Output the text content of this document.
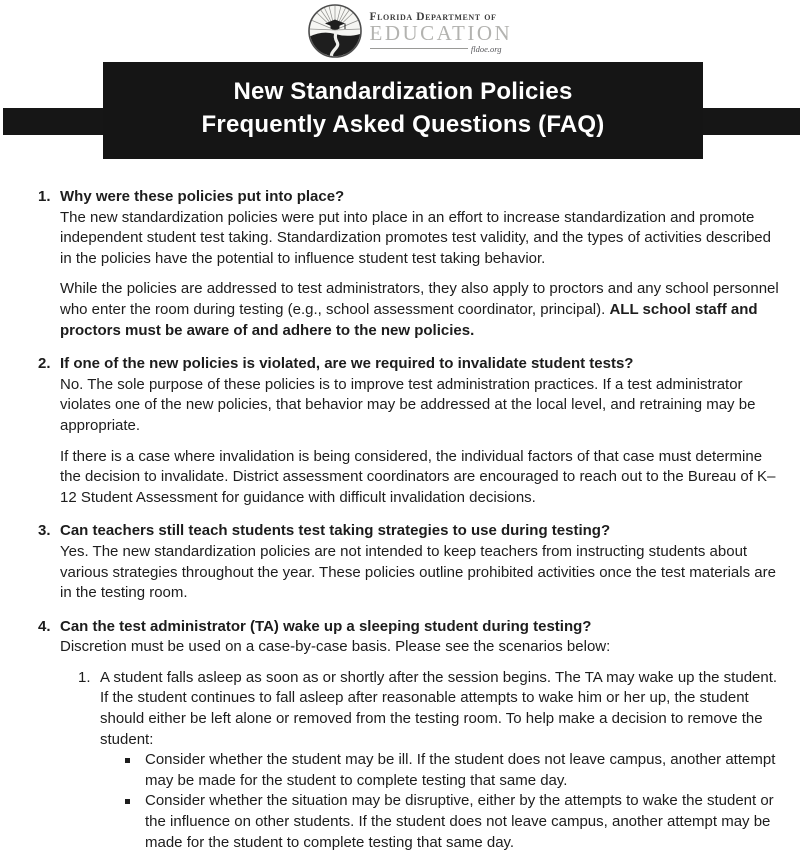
Florida Department of
EDUCATION
fldoe.org
New Standardization Policies
Frequently Asked Questions (FAQ)
1. Why were these policies put into place?

The new standardization policies were put into place in an effort to increase standardization and promote independent student test taking. Standardization promotes test validity, and the types of activities described in the policies have the potential to influence student test taking behavior.

While the policies are addressed to test administrators, they also apply to proctors and any school personnel who enter the room during testing (e.g., school assessment coordinator, principal). ALL school staff and proctors must be aware of and adhere to the new policies.

2. If one of the new policies is violated, are we required to invalidate student tests?

No. The sole purpose of these policies is to improve test administration practices. If a test administrator violates one of the new policies, that behavior may be addressed at the local level, and retraining may be appropriate.

If there is a case where invalidation is being considered, the individual factors of that case must determine the decision to invalidate. District assessment coordinators are encouraged to reach out to the Bureau of K–12 Student Assessment for guidance with difficult invalidation decisions.

3. Can teachers still teach students test taking strategies to use during testing?

Yes. The new standardization policies are not intended to keep teachers from instructing students about various strategies throughout the year. These policies outline prohibited activities once the test materials are in the testing room.

4. Can the test administrator (TA) wake up a sleeping student during testing?

Discretion must be used on a case-by-case basis. Please see the scenarios below:

1. A student falls asleep as soon as or shortly after the session begins. The TA may wake up the student. If the student continues to fall asleep after reasonable attempts to wake him or her up, the student should either be left alone or removed from the testing room. To help make a decision to remove the student:
Consider whether the student may be ill. If the student does not leave campus, another attempt may be made for the student to complete testing that same day.
Consider whether the situation may be disruptive, either by the attempts to wake the student or the influence on other students. If the student does not leave campus, another attempt may be made for the student to complete testing that same day.
